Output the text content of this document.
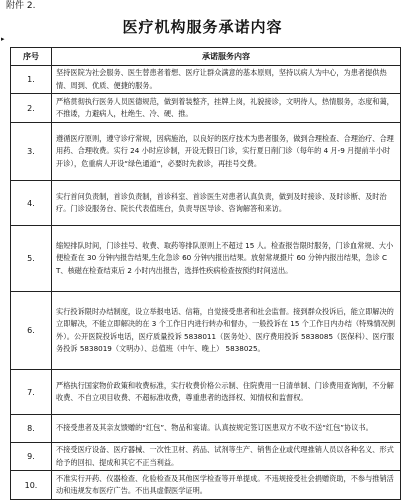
附件 2.
医疗机构服务承诺内容
▸
序号	承诺服务内容
1.	坚持医院为社会服务、医生替患者着想、医疗让群众满意的基本原则，坚持以病人为中心，为患者提供热情、周到、优质、便捷的服务。
2.	严格贯彻执行医务人员医德规范，做到着装整齐，挂牌上岗，礼貌接诊，文明待人，热情服务，态度和蔼，不推诿，力避病人，杜绝生、冷、硬、推。
3.	遵循医疗原则，遵守诊疗常规，因病施治，以良好的医疗技术为患者服务，做到合理检查、合理治疗、合理用药、合理收费。实行 24 小时应诊制，开设无假日门诊，实行夏日削门诊（每年的 4 月-9 月提前半小时开诊），危重病人开设“绿色通道”，必要时先救诊，再挂号交费。
4.	实行首问负责制，首诊负责制，首诊科室、首诊医生对患者认真负责，做到及时接诊、及时诊断、及时治疗。门诊设服务台、院长代表值班台，负责导医导诊、咨询解答和来访。
5.	缩短排队时间，门诊挂号、收费、取药等排队原则上不超过 15 人。检查报告限时服务，门诊血常规、大小便检查在 30 分钟内报告结果,生化急诊 60 分钟内报出结果。放射常规摄片 60 分钟内报出结果，急诊 CT、核磁在检查结束后 2 小时内出报告，选择性疾病检查按预约时间送出。
6.	实行投诉限时办结制度，设立举报电话、信箱，自觉接受患者和社会监督。接到群众投诉后，能立即解决的立即解决，不能立即解决的在 3 个工作日内进行转办和督办，一般投诉在 15 个工作日内办结（特殊情况例外）。公开医院投诉电话，医疗质量投诉 5838011（医务处）、医疗费用投诉 5838085（医保科）、医疗服务投诉 5838019（文明办）、总值班（中午、晚上） 5838025。
7.	严格执行国家物价政策和收费标准，实行收费价格公示制、住院费用一日清单制、门诊费用查询制，不分解收费、不自立项目收费、不超标准收费，尊重患者的选择权、知情权和监督权。
8.	不接受患者及其亲友馈赠的“红包”、物品和宴请。认真按规定签订医患双方不收不送“红包”协议书。
9.	不接受医疗设备、医疗器械、一次性卫材、药品、试剂等生产、销售企业或代理推销人员以各种名义、形式给予的回扣、提成和其它不正当利益。
10.	不准实行开药、仪器检查、化验检查及其他医学检查等开单提成。不违规接受社会捐赠资助，不参与推销活动和违规发布医疗广告。不出具虚假医学证明。
